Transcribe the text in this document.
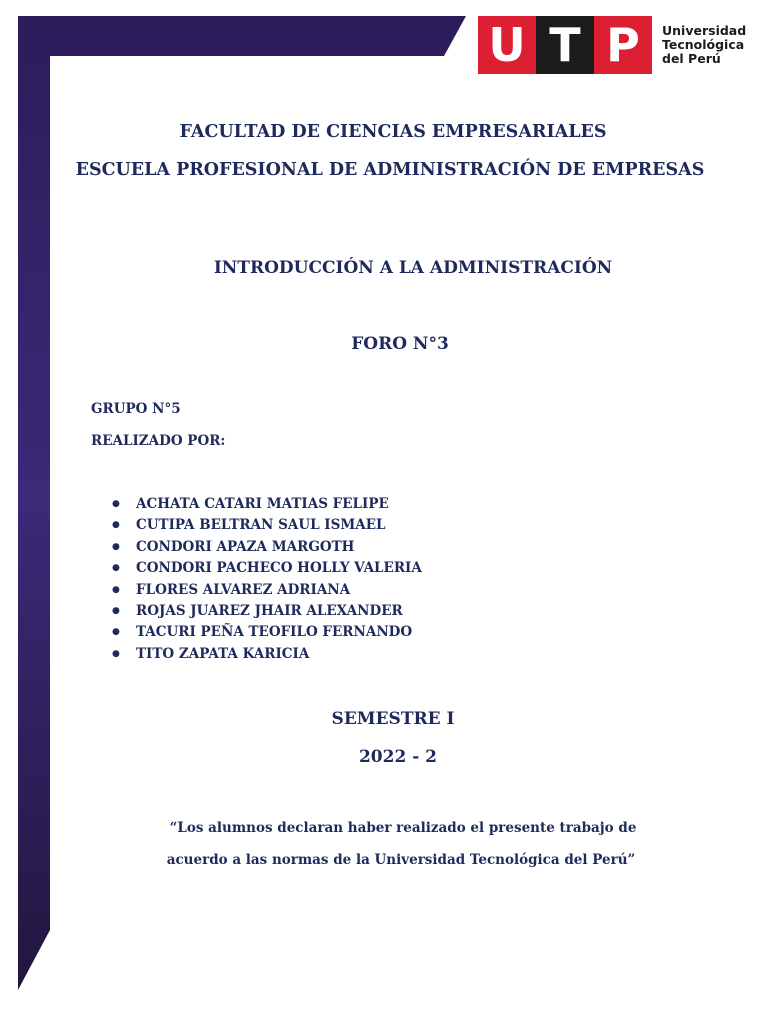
U T P	Universidad
Tecnológica
del Perú
FACULTAD DE CIENCIAS EMPRESARIALES
ESCUELA PROFESIONAL DE ADMINISTRACIÓN DE EMPRESAS
INTRODUCCIÓN A LA ADMINISTRACIÓN
FORO N°3
GRUPO N°5
REALIZADO POR:
●	ACHATA CATARI MATIAS FELIPE
●	CUTIPA BELTRAN SAUL ISMAEL
●	CONDORI APAZA MARGOTH
●	CONDORI PACHECO HOLLY VALERIA
●	FLORES ALVAREZ ADRIANA
●	ROJAS JUAREZ JHAIR ALEXANDER
●	TACURI PEÑA TEOFILO FERNANDO
●	TITO ZAPATA KARICIA
SEMESTRE I
2022 - 2
“Los alumnos declaran haber realizado el presente trabajo de
acuerdo a las normas de la Universidad Tecnológica del Perú”
